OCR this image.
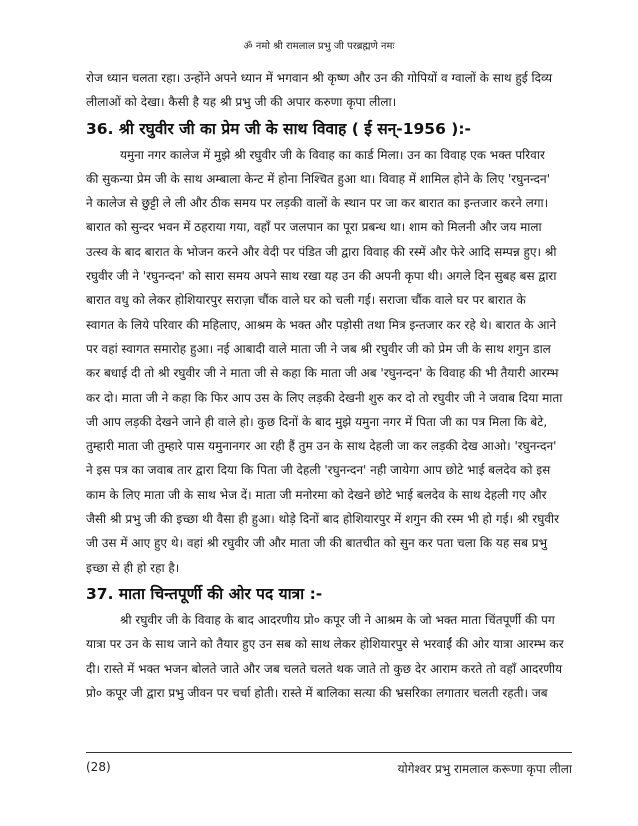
ॐ नमो श्री रामलाल प्रभु जी परब्रह्मणे नमः
रोज ध्यान चलता रहा। उन्होंने अपने ध्यान में भगवान श्री कृष्ण और उन की गोपियों व ग्वालों के साथ हुई दिव्य
लीलाओं को देखा। कैसी है यह श्री प्रभु जी की अपार करुणा कृपा लीला।
36. श्री रघुवीर जी का प्रेम जी के साथ विवाह ( ई सन्-1956 ):-
यमुना नगर कालेज में मुझे श्री रघुवीर जी के विवाह का कार्ड मिला। उन का विवाह एक भक्त परिवार
की सुकन्या प्रेम जी के साथ अम्बाला केन्ट में होना निश्चित हुआ था। विवाह में शामिल होने के लिए 'रघुनन्दन'
ने कालेज से छुट्टी ले ली और ठीक समय पर लड़की वालों के स्थान पर जा कर बारात का इन्तजार करने लगा।
बारात को सुन्दर भवन में ठहराया गया, वहाँ पर जलपान का पूरा प्रबन्ध था। शाम को मिलनी और जय माला
उत्स्व के बाद बारात के भोजन करने और वेदी पर पंडित जी द्वारा विवाह की रस्में और फेरे आदि सम्पन्न हुए। श्री
रघुवीर जी ने 'रघुनन्दन' को सारा समय अपने साथ रखा यह उन की अपनी कृपा थी। अगले दिन सुबह बस द्वारा
बारात वधु को लेकर होशियारपुर सराज़ा चौंक वाले घर को चली गई। सराजा चौंक वाले घर पर बारात के
स्वागत के लिये परिवार की महिलाए, आश्रम के भक्त और पड़ोसी तथा मित्र इन्तजार कर रहे थे। बारात के आने
पर वहां स्वागत समारोह हुआ। नई आबादी वाले माता जी ने जब श्री रघुवीर जी को प्रेम जी के साथ शगुन डाल
कर बधाई दी तो श्री रघुवीर जी ने माता जी से कहा कि माता जी अब 'रघुनन्दन' के विवाह की भी तैयारी आरम्भ
कर दो। माता जी ने कहा कि फिर आप उस के लिए लड़की देखनी शुरु कर दो तो रघुवीर जी ने जवाब दिया माता
जी आप लड़की देखने जाने ही वाले हो। कुछ दिनों के बाद मुझे यमुना नगर में पिता जी का पत्र मिला कि बेटे,
तुम्हारी माता जी तुम्हारे पास यमुनानगर आ रही हैं तुम उन के साथ देहली जा कर लड़की देख आओ। 'रघुनन्दन'
ने इस पत्र का जवाब तार द्वारा दिया कि पिता जी देहली 'रघुनन्दन' नही जायेगा आप छोटे भाई बलदेव को इस
काम के लिए माता जी के साथ भेज दें। माता जी मनोरमा को देखने छोटे भाई बलदेव के साथ देहली गए और
जैसी श्री प्रभु जी की इच्छा थी वैसा ही हुआ। थोड़े दिनों बाद होशियारपुर में शगुन की रस्म भी हो गई। श्री रघुवीर
जी उस में आए हुए थे। वहां श्री रघुवीर जी और माता जी की बातचीत को सुन कर पता चला कि यह सब प्रभु
इच्छा से ही हो रहा है।
37. माता चिन्तपूर्णी की ओर पद यात्रा :-
श्री रघुवीर जी के विवाह के बाद आदरणीय प्रो० कपूर जी ने आश्रम के जो भक्त माता चिंतपूर्णी की पग
यात्रा पर उन के साथ जाने को तैयार हुए उन सब को साथ लेकर होशियारपुर से भरवाईं की ओर यात्रा आरम्भ कर
दी। रास्ते में भक्त भजन बोलते जाते और जब चलते चलते थक जाते तो कुछ देर आराम करते तो वहाँ आदरणीय
प्रो० कपूर जी द्वारा प्रभु जीवन पर चर्चा होती। रास्ते में बालिका सत्या की भ्रसरिका लगातार चलती रहती। जब
(28)	योगेश्वर प्रभु रामलाल करूणा कृपा लीला
